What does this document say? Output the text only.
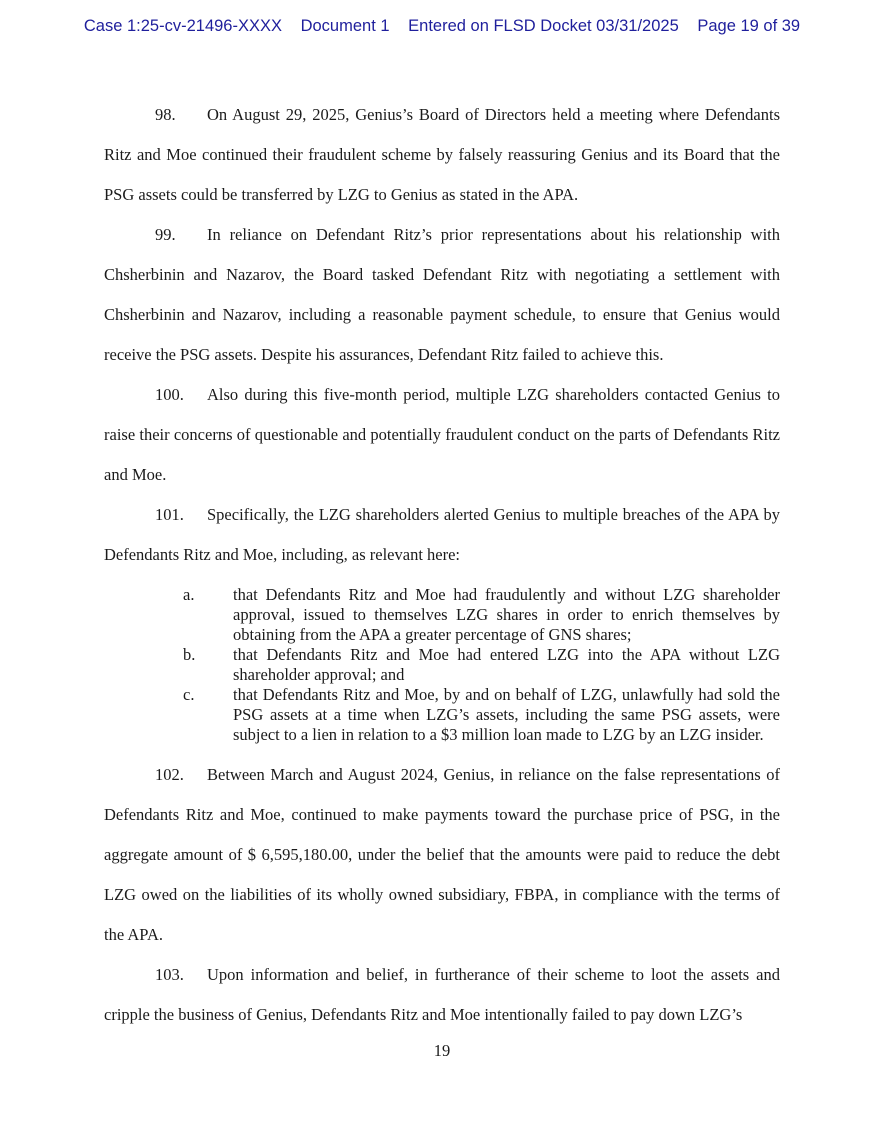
Case 1:25-cv-21496-XXXX Document 1 Entered on FLSD Docket 03/31/2025 Page 19 of 39

98. On August 29, 2025, Genius’s Board of Directors held a meeting where Defendants Ritz and Moe continued their fraudulent scheme by falsely reassuring Genius and its Board that the PSG assets could be transferred by LZG to Genius as stated in the APA.

99. In reliance on Defendant Ritz’s prior representations about his relationship with Chsherbinin and Nazarov, the Board tasked Defendant Ritz with negotiating a settlement with Chsherbinin and Nazarov, including a reasonable payment schedule, to ensure that Genius would receive the PSG assets. Despite his assurances, Defendant Ritz failed to achieve this.

100. Also during this five-month period, multiple LZG shareholders contacted Genius to raise their concerns of questionable and potentially fraudulent conduct on the parts of Defendants Ritz and Moe.

101. Specifically, the LZG shareholders alerted Genius to multiple breaches of the APA by Defendants Ritz and Moe, including, as relevant here:

a. that Defendants Ritz and Moe had fraudulently and without LZG shareholder approval, issued to themselves LZG shares in order to enrich themselves by obtaining from the APA a greater percentage of GNS shares;
b. that Defendants Ritz and Moe had entered LZG into the APA without LZG shareholder approval; and
c. that Defendants Ritz and Moe, by and on behalf of LZG, unlawfully had sold the PSG assets at a time when LZG’s assets, including the same PSG assets, were subject to a lien in relation to a $3 million loan made to LZG by an LZG insider.

102. Between March and August 2024, Genius, in reliance on the false representations of Defendants Ritz and Moe, continued to make payments toward the purchase price of PSG, in the aggregate amount of $ 6,595,180.00, under the belief that the amounts were paid to reduce the debt LZG owed on the liabilities of its wholly owned subsidiary, FBPA, in compliance with the terms of the APA.

103. Upon information and belief, in furtherance of their scheme to loot the assets and cripple the business of Genius, Defendants Ritz and Moe intentionally failed to pay down LZG’s

19
